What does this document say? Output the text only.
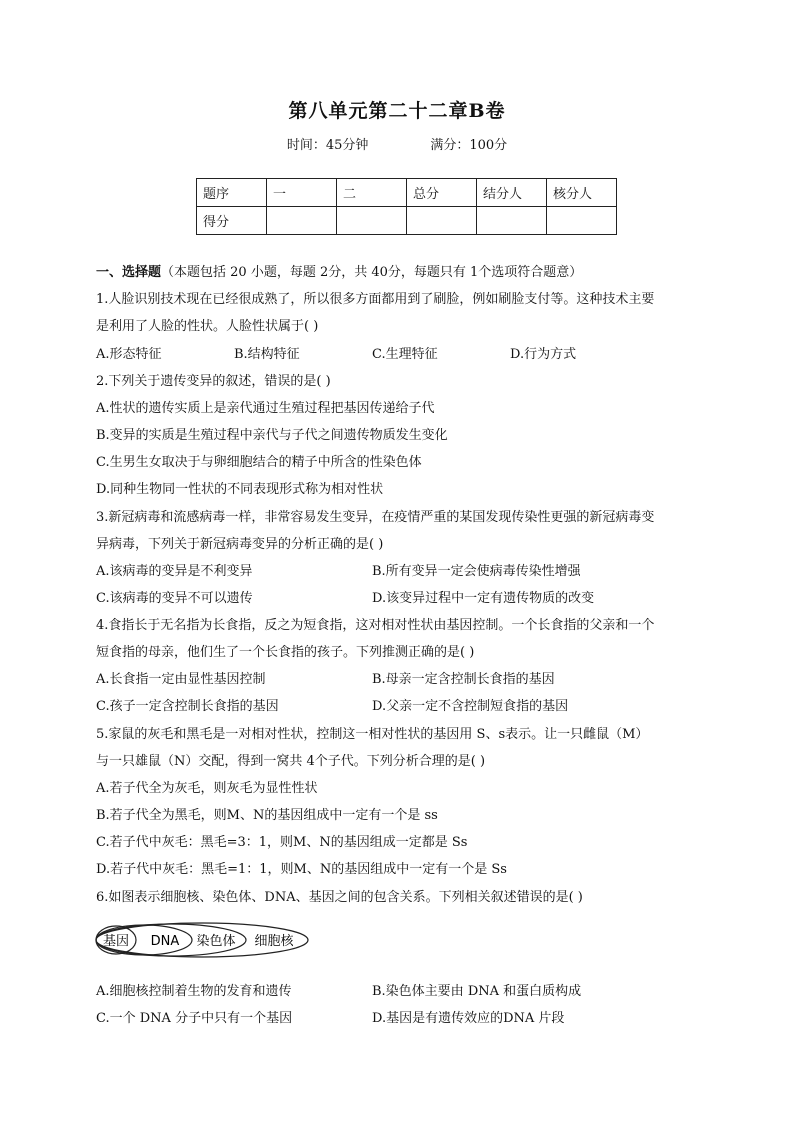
第八单元第二十二章B卷
时间：45分钟	满分：100分
题序	一	二	总分	结分人	核分人
得分					
一、选择题（本题包括 20 小题，每题 2分，共 40分，每题只有 1个选项符合题意）
1.人脸识别技术现在已经很成熟了，所以很多方面都用到了刷脸，例如刷脸支付等。这种技术主要
是利用了人脸的性状。人脸性状属于( )
A.形态特征	B.结构特征	C.生理特征	D.行为方式
2.下列关于遗传变异的叙述，错误的是( )
A.性状的遗传实质上是亲代通过生殖过程把基因传递给子代
B.变异的实质是生殖过程中亲代与子代之间遗传物质发生变化
C.生男生女取决于与卵细胞结合的精子中所含的性染色体
D.同种生物同一性状的不同表现形式称为相对性状
3.新冠病毒和流感病毒一样，非常容易发生变异，在疫情严重的某国发现传染性更强的新冠病毒变
异病毒，下列关于新冠病毒变异的分析正确的是( )
A.该病毒的变异是不利变异	B.所有变异一定会使病毒传染性增强
C.该病毒的变异不可以遗传	D.该变异过程中一定有遗传物质的改变
4.食指长于无名指为长食指，反之为短食指，这对相对性状由基因控制。一个长食指的父亲和一个
短食指的母亲，他们生了一个长食指的孩子。下列推测正确的是( )
A.长食指一定由显性基因控制	B.母亲一定含控制长食指的基因
C.孩子一定含控制长食指的基因	D.父亲一定不含控制短食指的基因
5.家鼠的灰毛和黑毛是一对相对性状，控制这一相对性状的基因用 S、s表示。让一只雌鼠（M）
与一只雄鼠（N）交配，得到一窝共 4个子代。下列分析合理的是( )
A.若子代全为灰毛，则灰毛为显性性状
B.若子代全为黑毛，则M、N的基因组成中一定有一个是 ss
C.若子代中灰毛：黑毛=3：1，则M、N的基因组成一定都是 Ss
D.若子代中灰毛：黑毛=1：1，则M、N的基因组成中一定有一个是 Ss
6.如图表示细胞核、染色体、DNA、基因之间的包含关系。下列相关叙述错误的是( )
A.细胞核控制着生物的发育和遗传	B.染色体主要由 DNA 和蛋白质构成
C.一个 DNA 分子中只有一个基因	D.基因是有遗传效应的DNA 片段
基因 DNA 染色体 细胞核
